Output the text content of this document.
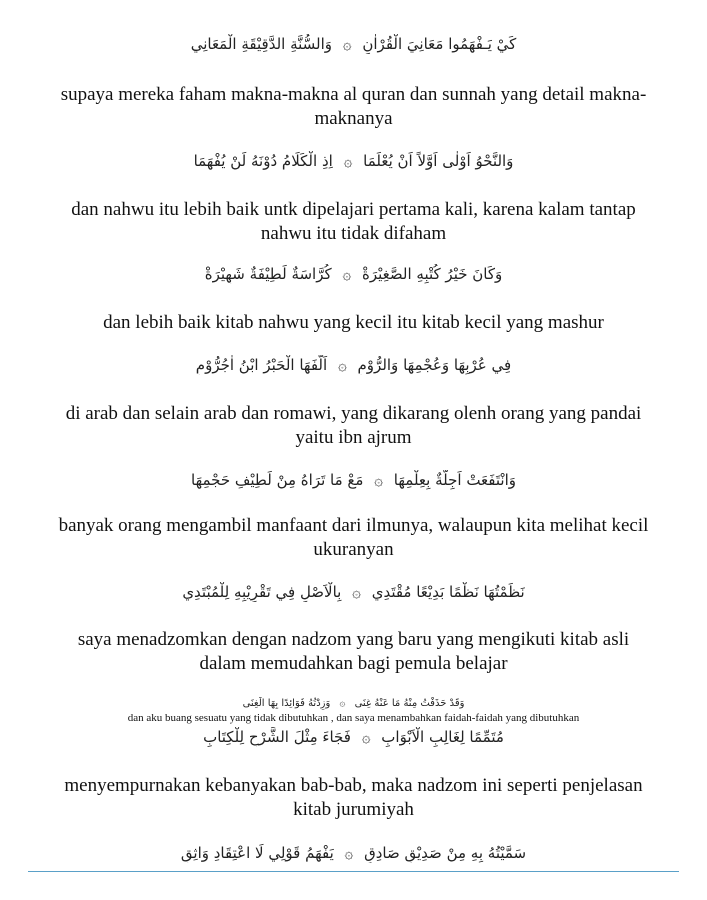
كَيْ يَـفْهَمُوا مَعَانِيَ الْقُرْاٰنِ ۞ وَالسُّنَّةِ الدَّقِيْقَةِ الْمَعَانِي
supaya mereka faham makna-makna al quran dan sunnah yang detail makna-
maknanya
وَالنَّحْوُ اَوْلٰى اَوَّلاً اَنْ يُعْلَمَا ۞ اِذِ الْكَلَامُ دُوْنَهُ لَنْ يُفْهَمَا
dan nahwu itu lebih baik untk dipelajari pertama kali, karena kalam tantap
nahwu itu tidak difaham
وَكَانَ خَيْرُ كُتْبِهِ الصَّغِيْرَةْ ۞ كُرَّاسَةٌ لَطِيْفَةٌ شَهِيْرَةْ
dan lebih baik kitab nahwu yang kecil itu kitab kecil yang mashur
فِي عُرْبِهَا وَعُجْمِهَا وَالرُّوْمِ ۞ اَلَّفَهَا الْحَبْرُ ابْنُ اٰجُرُّوْمِ
di arab dan selain arab dan romawi, yang dikarang olenh orang yang pandai
yaitu ibn ajrum
وَانْتَفَعَتْ اَجِلَّةٌ بِعِلْمِهَا ۞ مَعْ مَا تَرَاهُ مِنْ لَطِيْفِ حَجْمِهَا
banyak orang mengambil manfaant dari ilmunya, walaupun kita melihat kecil
ukuranyan
نَظَمْتُهَا نَظْمًا بَدِيْعًا مُقْتَدِي ۞ بِالْاَصْلِ فِي تَقْرِيْبِهِ لِلْمُبْتَدِي
saya menadzomkan dengan nadzom yang baru yang mengikuti kitab asli
dalam memudahkan bagi pemula belajar
وَقَدْ حَذَفْتُ مِنْهُ مَا عَنْهُ غِنَى ۞ وَزِدْتُهُ فَوَائِدًا بِهَا الْغِنَى
dan aku buang sesuatu yang tidak dibutuhkan , dan saya menambahkan faidah-faidah yang dibutuhkan
مُتَمِّمًا لِغَالِبِ الْاَبْوَابِ ۞ فَجَاءَ مِثْلَ الشَّرْحِ لِلْكِتَابِ
menyempurnakan kebanyakan bab-bab, maka nadzom ini seperti penjelasan
kitab jurumiyah
سَمَّيْتُهُ بِهِ مِنْ صَدِيْقٍ صَادِقِ ۞ يَفْهَمُ قَوْلِي لَا اعْتِقَادِ وَاثِقِ
